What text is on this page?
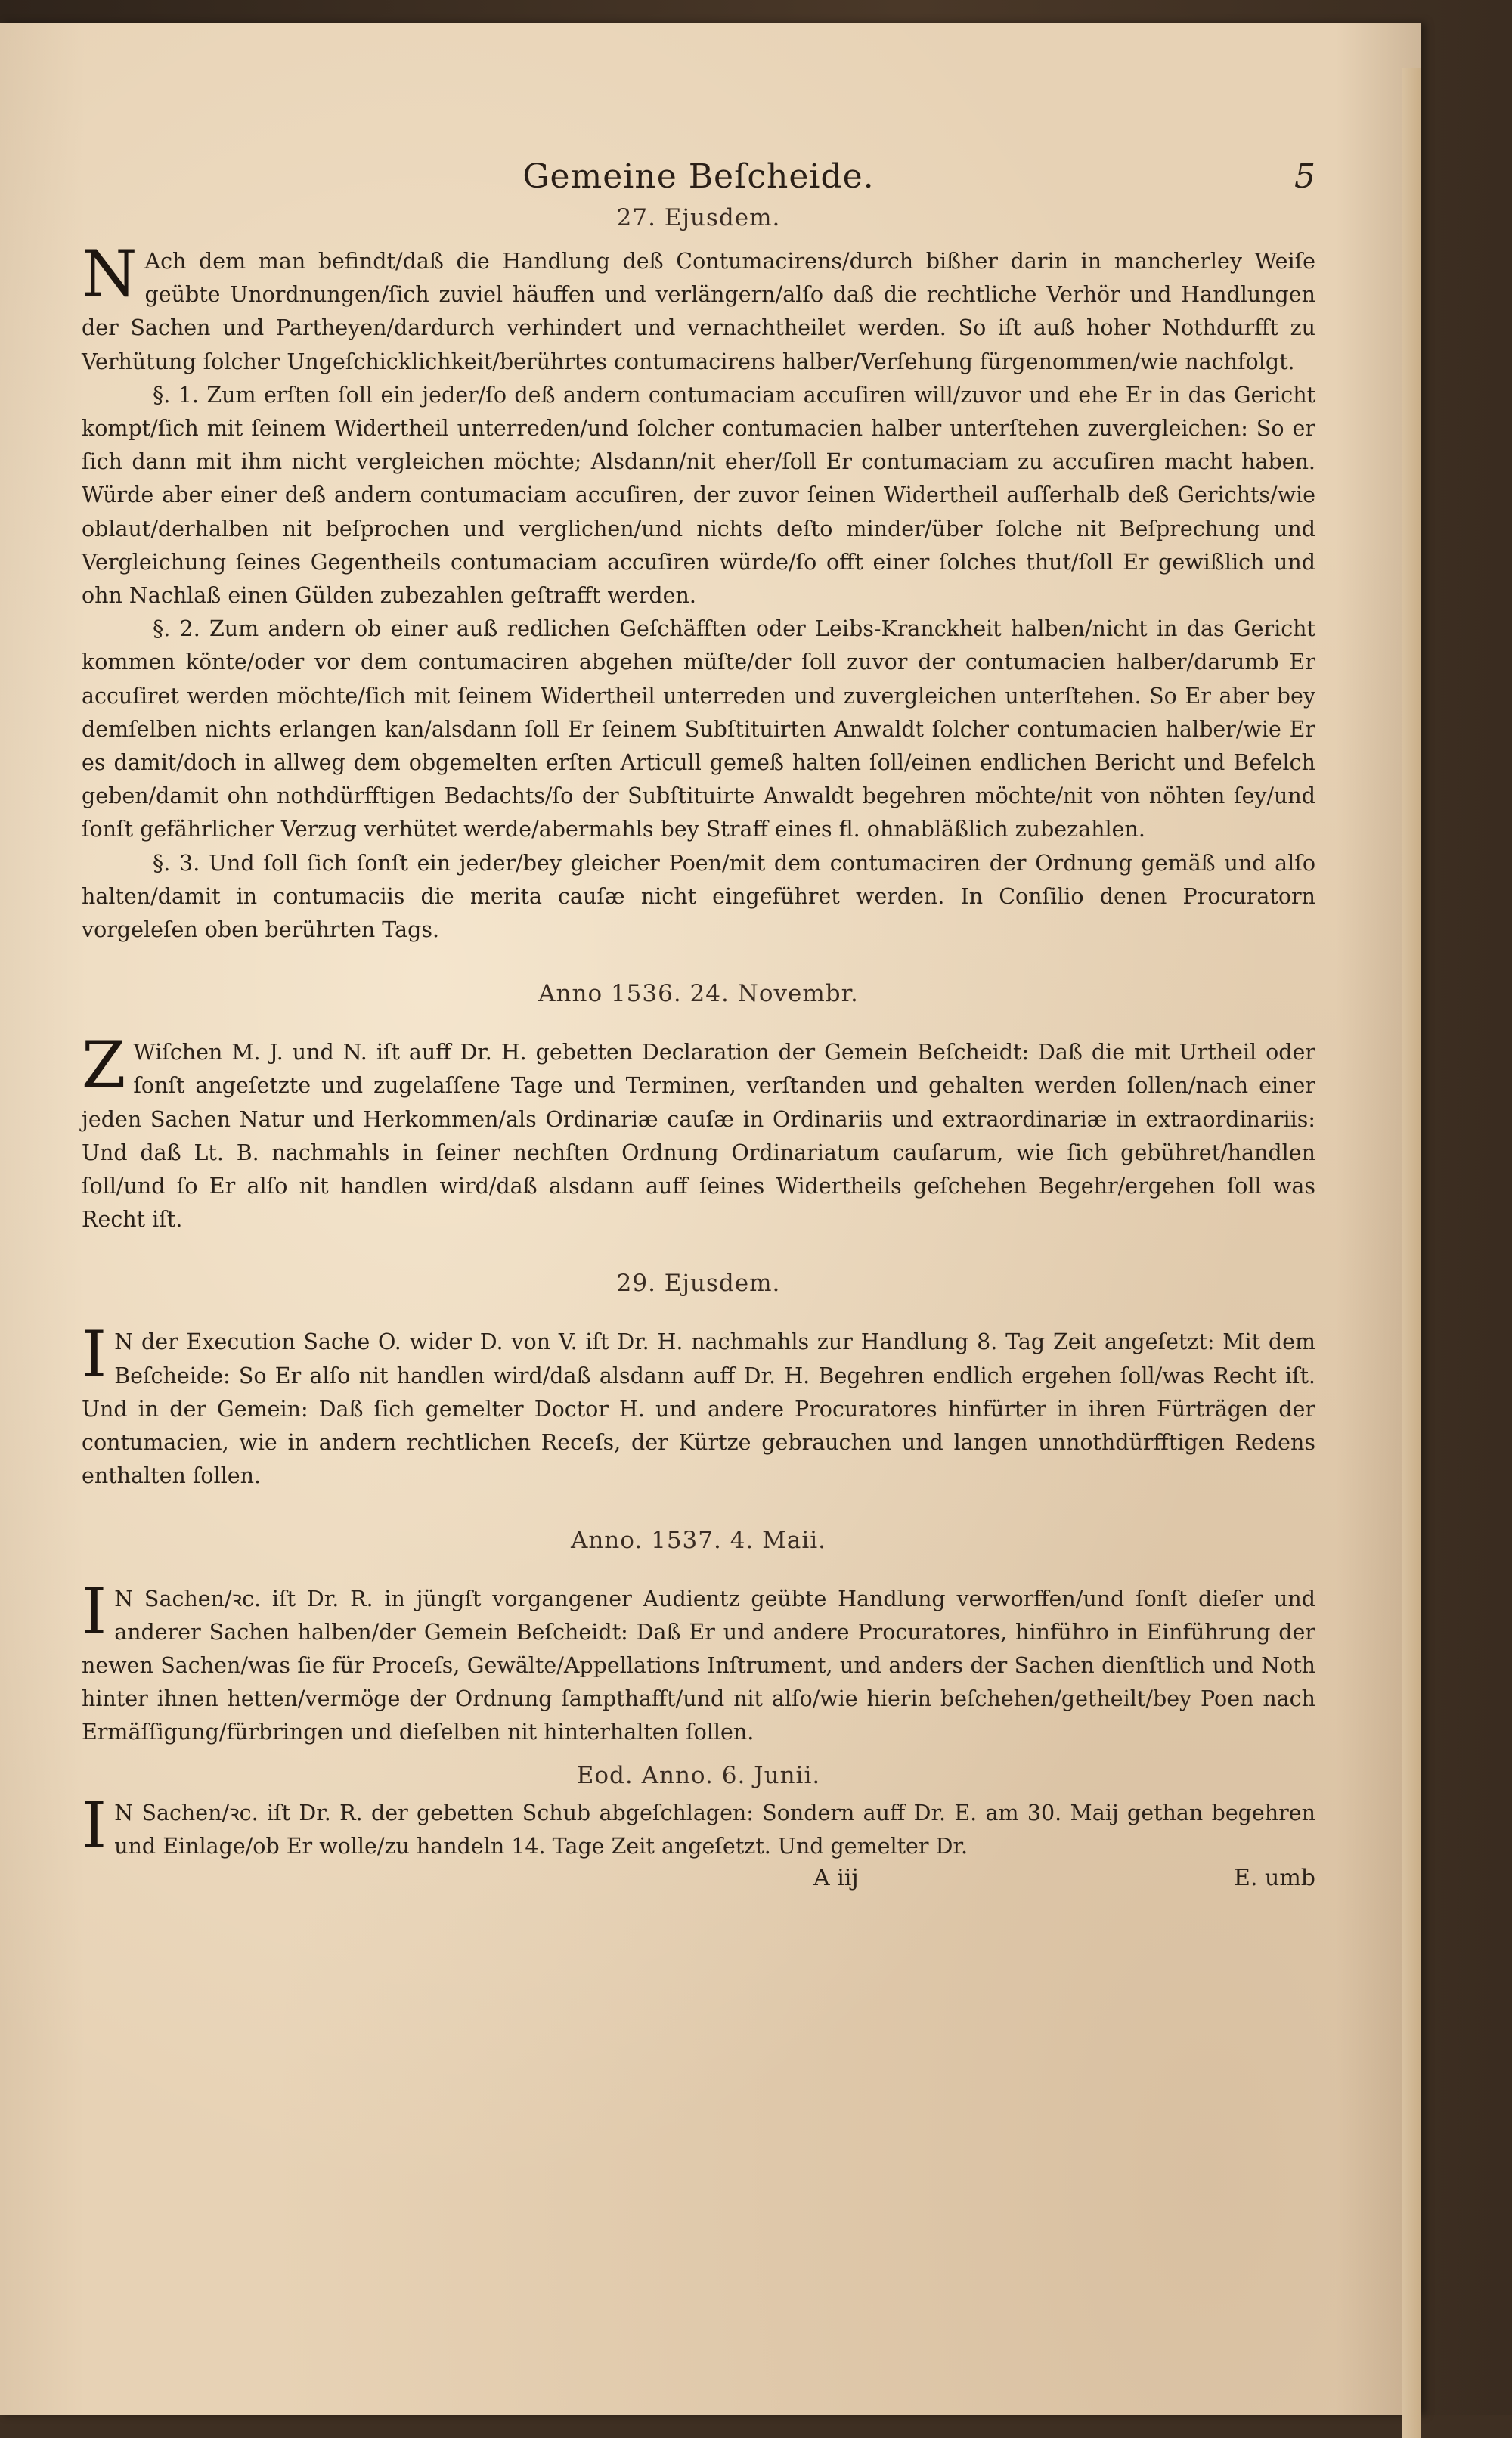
Gemeine Beſcheide.	5
27. Ejusdem.

NAch dem man befindt/daß die Handlung deß Contumacirens/durch bißher darin in mancherley Weiſe geübte Unordnungen/ſich zuviel häuffen und verlängern/alſo daß die rechtliche Verhör und Handlungen der Sachen und Partheyen/dardurch verhindert und vernachtheilet werden. So iſt auß hoher Nothdurfft zu Verhütung ſolcher Ungeſchicklichkeit/berührtes contumacirens halber/Verſehung fürgenommen/wie nachfolgt.

§. 1. Zum erſten ſoll ein jeder/ſo deß andern contumaciam accuſiren will/zuvor und ehe Er in das Gericht kompt/ſich mit ſeinem Widertheil unterreden/und ſolcher contumacien halber unterſtehen zuvergleichen: So er ſich dann mit ihm nicht vergleichen möchte; Alsdann/nit eher/ſoll Er contumaciam zu accuſiren macht haben. Würde aber einer deß andern contumaciam accuſiren, der zuvor ſeinen Widertheil auſſerhalb deß Gerichts/wie oblaut/derhalben nit beſprochen und verglichen/und nichts deſto minder/über ſolche nit Beſprechung und Vergleichung ſeines Gegentheils contumaciam accuſiren würde/ſo offt einer ſolches thut/ſoll Er gewißlich und ohn Nachlaß einen Gülden zubezahlen geſtrafft werden.

§. 2. Zum andern ob einer auß redlichen Geſchäfften oder Leibs-Kranckheit halben/nicht in das Gericht kommen könte/oder vor dem contumaciren abgehen müſte/der ſoll zuvor der contumacien halber/darumb Er accuſiret werden möchte/ſich mit ſeinem Widertheil unterreden und zuvergleichen unterſtehen. So Er aber bey demſelben nichts erlangen kan/alsdann ſoll Er ſeinem Subſtituirten Anwaldt ſolcher contumacien halber/wie Er es damit/doch in allweg dem obgemelten erſten Articull gemeß halten ſoll/einen endlichen Bericht und Befelch geben/damit ohn nothdürfftigen Bedachts/ſo der Subſtituirte Anwaldt begehren möchte/nit von nöhten ſey/und ſonſt gefährlicher Verzug verhütet werde/abermahls bey Straff eines fl. ohnabläßlich zubezahlen.

§. 3. Und ſoll ſich ſonſt ein jeder/bey gleicher Poen/mit dem contumaciren der Ordnung gemäß und alſo halten/damit in contumaciis die merita cauſæ nicht eingeführet werden. In Conſilio denen Procuratorn vorgeleſen oben berührten Tags.

Anno 1536. 24. Novembr.

ZWiſchen M. J. und N. iſt auff Dr. H. gebetten Declaration der Gemein Beſcheidt: Daß die mit Urtheil oder ſonſt angeſetzte und zugelaſſene Tage und Terminen, verſtanden und gehalten werden ſollen/nach einer jeden Sachen Natur und Herkommen/als Ordinariæ cauſæ in Ordinariis und extraordinariæ in extraordinariis: Und daß Lt. B. nachmahls in ſeiner nechſten Ordnung Ordinariatum cauſarum, wie ſich gebühret/handlen ſoll/und ſo Er alſo nit handlen wird/daß alsdann auff ſeines Widertheils geſchehen Begehr/ergehen ſoll was Recht iſt.

29. Ejusdem.

IN der Execution Sache O. wider D. von V. iſt Dr. H. nachmahls zur Handlung 8. Tag Zeit angeſetzt: Mit dem Beſcheide: So Er alſo nit handlen wird/daß alsdann auff Dr. H. Begehren endlich ergehen ſoll/was Recht iſt. Und in der Gemein: Daß ſich gemelter Doctor H. und andere Procuratores hinfürter in ihren Fürträgen der contumacien, wie in andern rechtlichen Receſs, der Kürtze gebrauchen und langen unnothdürfftigen Redens enthalten ſollen.

Anno. 1537. 4. Maii.

IN Sachen/ꝛc. iſt Dr. R. in jüngſt vorgangener Audientz geübte Handlung verworffen/und ſonſt dieſer und anderer Sachen halben/der Gemein Beſcheidt: Daß Er und andere Procuratores, hinführo in Einführung der newen Sachen/was ſie für Proceſs, Gewälte/Appellations Inſtrument, und anders der Sachen dienſtlich und Noth hinter ihnen hetten/vermöge der Ordnung ſampthafft/und nit alſo/wie hierin beſchehen/getheilt/bey Poen nach Ermäſſigung/fürbringen und dieſelben nit hinterhalten ſollen.

Eod. Anno. 6. Junii.

IN Sachen/ꝛc. iſt Dr. R. der gebetten Schub abgeſchlagen: Sondern auff Dr. E. am 30. Maij gethan begehren und Einlage/ob Er wolle/zu handeln 14. Tage Zeit angeſetzt. Und gemelter Dr.

A iij	E. umb
